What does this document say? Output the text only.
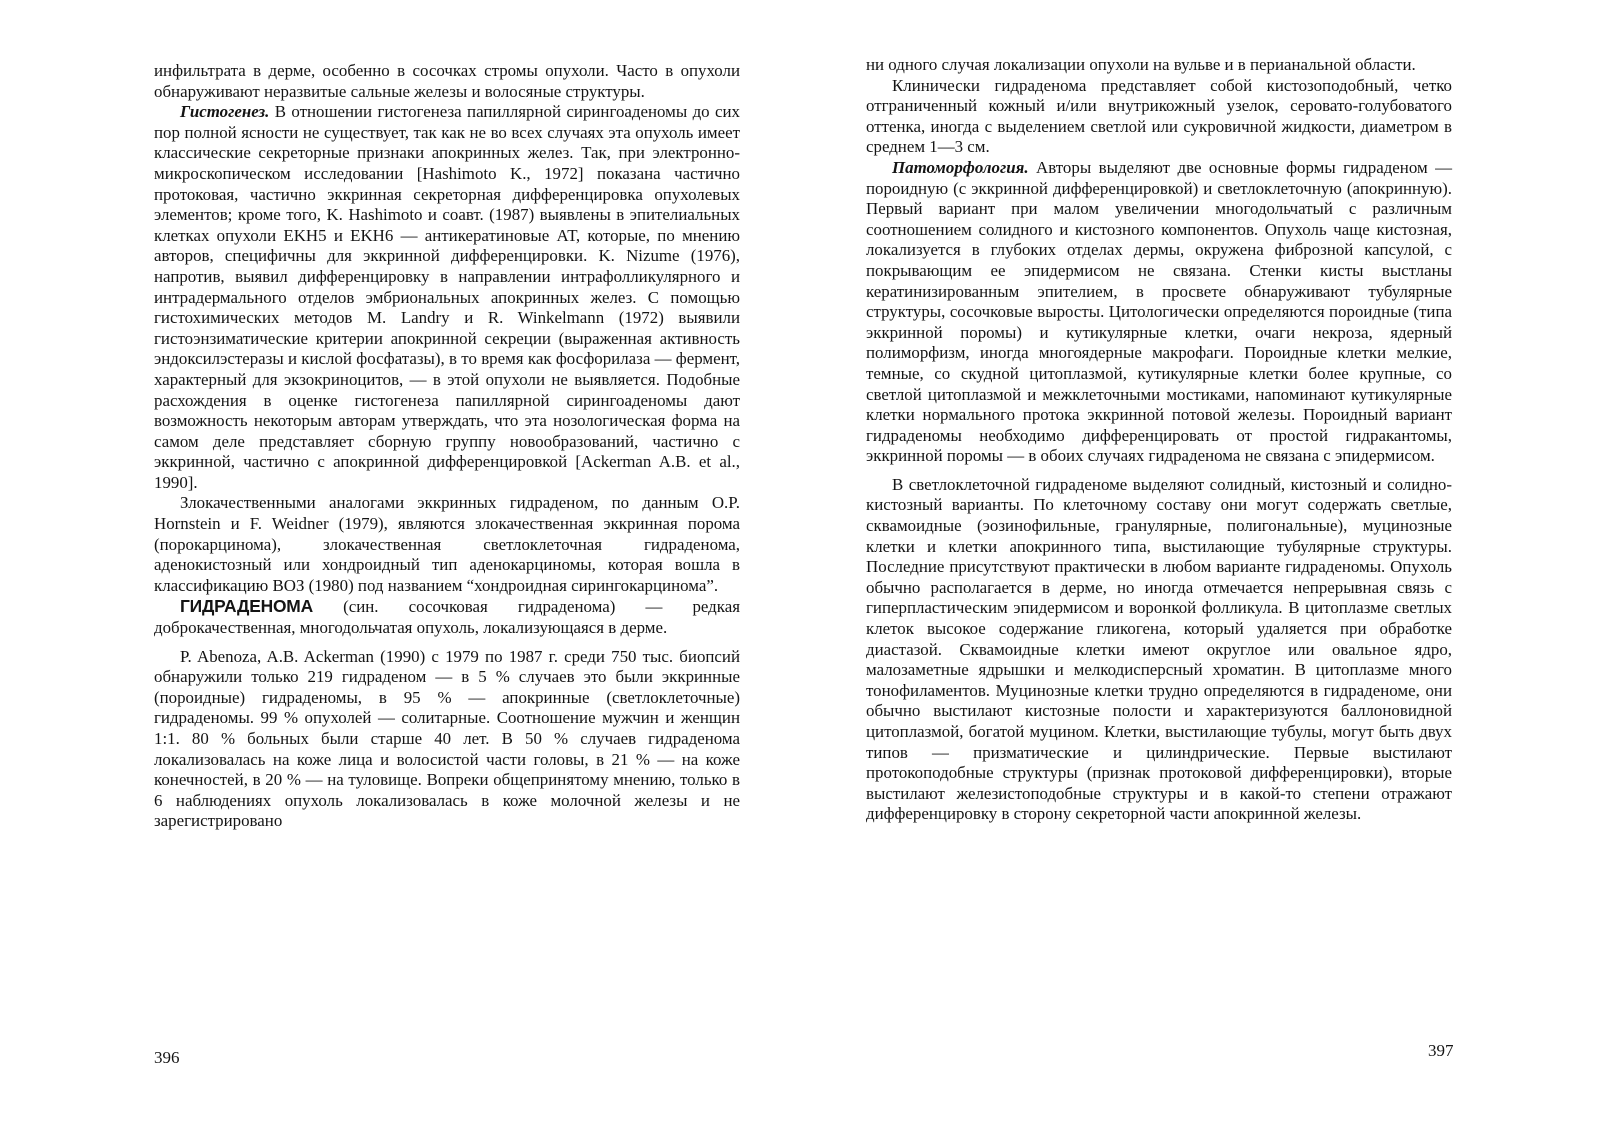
инфильтрата в дерме, особенно в сосочках стромы опухоли. Часто в опухоли обнаруживают неразвитые сальные железы и волосяные структуры.

Гистогенез. В отношении гистогенеза папиллярной сирингоаденомы до сих пор полной ясности не существует, так как не во всех случаях эта опухоль имеет классические секреторные признаки апокринных желез. Так, при электронно-микроскопическом исследовании [Hashimoto K., 1972] показана частично протоковая, частично эккринная секреторная дифференцировка опухолевых элементов; кроме того, K. Hashimoto и соавт. (1987) выявлены в эпителиальных клетках опухоли EKH5 и EKH6 — антикератиновые АТ, которые, по мнению авторов, специфичны для эккринной дифференцировки. K. Nizume (1976), напротив, выявил дифференцировку в направлении интрафолликулярного и интрадермального отделов эмбриональных апокринных желез. С помощью гистохимических методов M. Landry и R. Winkelmann (1972) выявили гистоэнзиматические критерии апокринной секреции (выраженная активность эндоксилэстеразы и кислой фосфатазы), в то время как фосфорилаза — фермент, характерный для экзокриноцитов, — в этой опухоли не выявляется. Подобные расхождения в оценке гистогенеза папиллярной сирингоаденомы дают возможность некоторым авторам утверждать, что эта нозологическая форма на самом деле представляет сборную группу новообразований, частично с эккринной, частично с апокринной дифференцировкой [Ackerman A.B. et al., 1990].

Злокачественными аналогами эккринных гидраденом, по данным O.P. Hornstein и F. Weidner (1979), являются злокачественная эккринная порома (порокарцинома), злокачественная светлоклеточная гидраденома, аденокистозный или хондроидный тип аденокарциномы, которая вошла в классификацию ВОЗ (1980) под названием “хондроидная сирингокарцинома”.

ГИДРАДЕНОМА (син. сосочковая гидраденома) — редкая доброкачественная, многодольчатая опухоль, локализующаяся в дерме.

P. Abenoza, A.B. Ackerman (1990) с 1979 по 1987 г. среди 750 тыс. биопсий обнаружили только 219 гидраденом — в 5 % случаев это были эккринные (пороидные) гидраденомы, в 95 % — апокринные (светлоклеточные) гидраденомы. 99 % опухолей — солитарные. Соотношение мужчин и женщин 1:1. 80 % больных были старше 40 лет. В 50 % случаев гидраденома локализовалась на коже лица и волосистой части головы, в 21 % — на коже конечностей, в 20 % — на туловище. Вопреки общепринятому мнению, только в 6 наблюдениях опухоль локализовалась в коже молочной железы и не зарегистрировано

396

ни одного случая локализации опухоли на вульве и в перианальной области.

Клинически гидраденома представляет собой кистозоподобный, четко отграниченный кожный и/или внутрикожный узелок, серовато-голубоватого оттенка, иногда с выделением светлой или сукровичной жидкости, диаметром в среднем 1—3 см.

Патоморфология. Авторы выделяют две основные формы гидраденом — пороидную (с эккринной дифференцировкой) и светлоклеточную (апокринную). Первый вариант при малом увеличении многодольчатый с различным соотношением солидного и кистозного компонентов. Опухоль чаще кистозная, локализуется в глубоких отделах дермы, окружена фиброзной капсулой, с покрывающим ее эпидермисом не связана. Стенки кисты выстланы кератинизированным эпителием, в просвете обнаруживают тубулярные структуры, сосочковые выросты. Цитологически определяются пороидные (типа эккринной поромы) и кутикулярные клетки, очаги некроза, ядерный полиморфизм, иногда многоядерные макрофаги. Пороидные клетки мелкие, темные, со скудной цитоплазмой, кутикулярные клетки более крупные, со светлой цитоплазмой и межклеточными мостиками, напоминают кутикулярные клетки нормального протока эккринной потовой железы. Пороидный вариант гидраденомы необходимо дифференцировать от простой гидракантомы, эккринной поромы — в обоих случаях гидраденома не связана с эпидермисом.

В светлоклеточной гидраденоме выделяют солидный, кистозный и солидно-кистозный варианты. По клеточному составу они могут содержать светлые, сквамоидные (эозинофильные, гранулярные, полигональные), муцинозные клетки и клетки апокринного типа, выстилающие тубулярные структуры. Последние присутствуют практически в любом варианте гидраденомы. Опухоль обычно располагается в дерме, но иногда отмечается непрерывная связь с гиперпластическим эпидермисом и воронкой фолликула. В цитоплазме светлых клеток высокое содержание гликогена, который удаляется при обработке диастазой. Сквамоидные клетки имеют округлое или овальное ядро, малозаметные ядрышки и мелкодисперсный хроматин. В цитоплазме много тонофиламентов. Муцинозные клетки трудно определяются в гидраденоме, они обычно выстилают кистозные полости и характеризуются баллоновидной цитоплазмой, богатой муцином. Клетки, выстилающие тубулы, могут быть двух типов — призматические и цилиндрические. Первые выстилают протокоподобные структуры (признак протоковой дифференцировки), вторые выстилают железистоподобные структуры и в какой-то степени отражают дифференцировку в сторону секреторной части апокринной железы.

397
